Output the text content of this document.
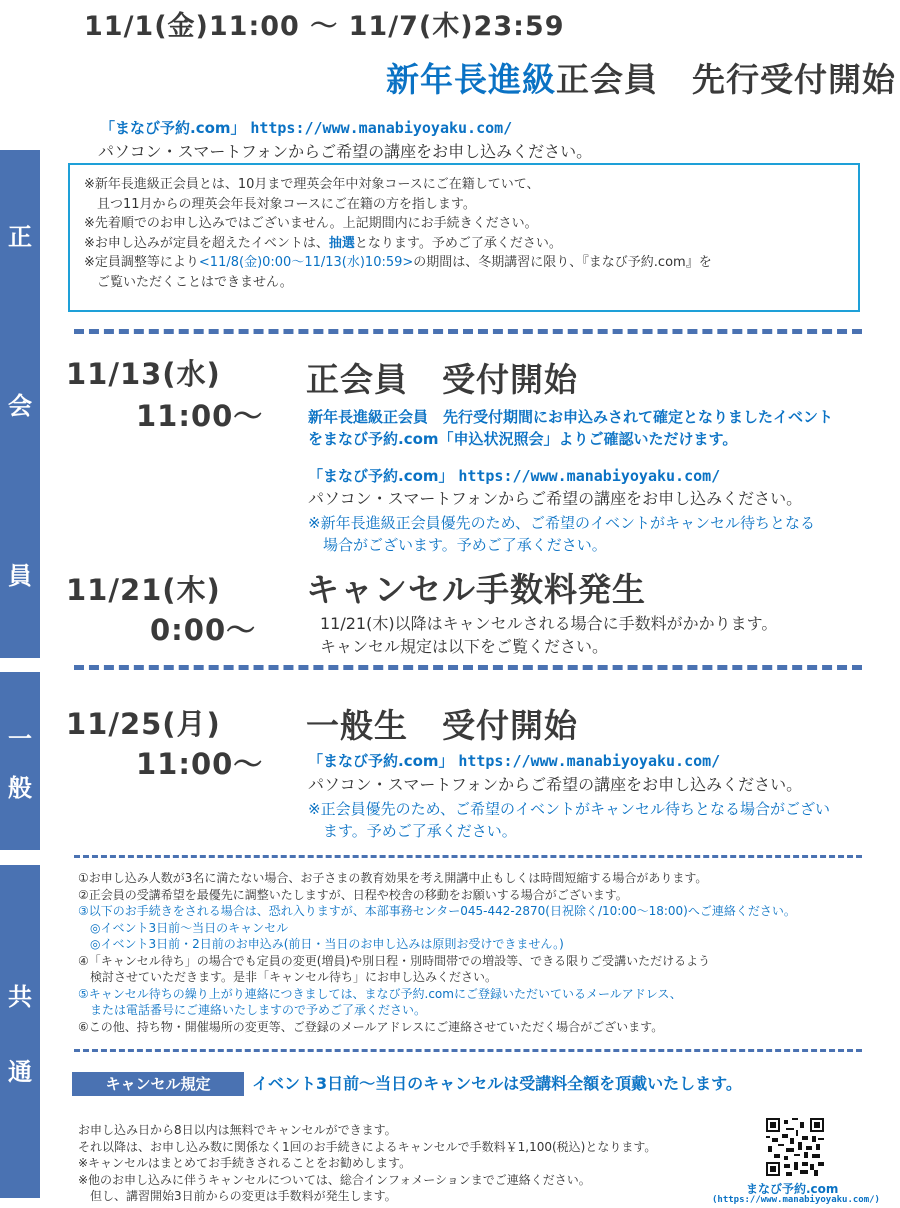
正
会
員
一
般
共
通
11/1(金)11:00 ～ 11/7(木)23:59
新年長進級正会員　先行受付開始
「まなび予約.com」 https://www.manabiyoyaku.com/
パソコン・スマートフォンからご希望の講座をお申し込みください。
※新年長進級正会員とは、10月まで理英会年中対象コースにご在籍していて、
　且つ11月からの理英会年長対象コースにご在籍の方を指します。
※先着順でのお申し込みではございません。上記期間内にお手続きください。
※お申し込みが定員を超えたイベントは、抽選となります。予めご了承ください。
※定員調整等により<11/8(金)0:00～11/13(水)10:59>の期間は、冬期講習に限り、『まなび予約.com』を
　ご覧いただくことはできません。
11/13(水)
11:00～
正会員　受付開始
新年長進級正会員　先行受付期間にお申込みされて確定となりましたイベント
をまなび予約.com「申込状況照会」よりご確認いただけます。
「まなび予約.com」 https://www.manabiyoyaku.com/
パソコン・スマートフォンからご希望の講座をお申し込みください。
※新年長進級正会員優先のため、ご希望のイベントがキャンセル待ちとなる
　場合がございます。予めご了承ください。
11/21(木)
0:00～
キャンセル手数料発生
11/21(木)以降はキャンセルされる場合に手数料がかかります。
キャンセル規定は以下をご覧ください。
11/25(月)
11:00～
一般生　受付開始
「まなび予約.com」 https://www.manabiyoyaku.com/
パソコン・スマートフォンからご希望の講座をお申し込みください。
※正会員優先のため、ご希望のイベントがキャンセル待ちとなる場合がござい
　ます。予めご了承ください。
①お申し込み人数が3名に満たない場合、お子さまの教育効果を考え開講中止もしくは時間短縮する場合があります。
②正会員の受講希望を最優先に調整いたしますが、日程や校舎の移動をお願いする場合がございます。
③以下のお手続きをされる場合は、恐れ入りますが、本部事務センター045-442-2870(日祝除く/10:00～18:00)へご連絡ください。
　◎イベント3日前～当日のキャンセル
　◎イベント3日前・2日前のお申込み(前日・当日のお申し込みは原則お受けできません。)
④「キャンセル待ち」の場合でも定員の変更(増員)や別日程・別時間帯での増設等、できる限りご受講いただけるよう
　検討させていただきます。是非「キャンセル待ち」にお申し込みください。
⑤キャンセル待ちの繰り上がり連絡につきましては、まなび予約.comにご登録いただいているメールアドレス、
　または電話番号にご連絡いたしますので予めご了承ください。
⑥この他、持ち物・開催場所の変更等、ご登録のメールアドレスにご連絡させていただく場合がございます。
キャンセル規定	イベント3日前～当日のキャンセルは受講料全額を頂戴いたします。
お申し込み日から8日以内は無料でキャンセルができます。
それ以降は、お申し込み数に関係なく1回のお手続きによるキャンセルで手数料￥1,100(税込)となります。
※キャンセルはまとめてお手続きされることをお勧めします。
※他のお申し込みに伴うキャンセルについては、総合インフォメーションまでご連絡ください。
　但し、講習開始3日前からの変更は手数料が発生します。	まなび予約.com
(https://www.manabiyoyaku.com/)
